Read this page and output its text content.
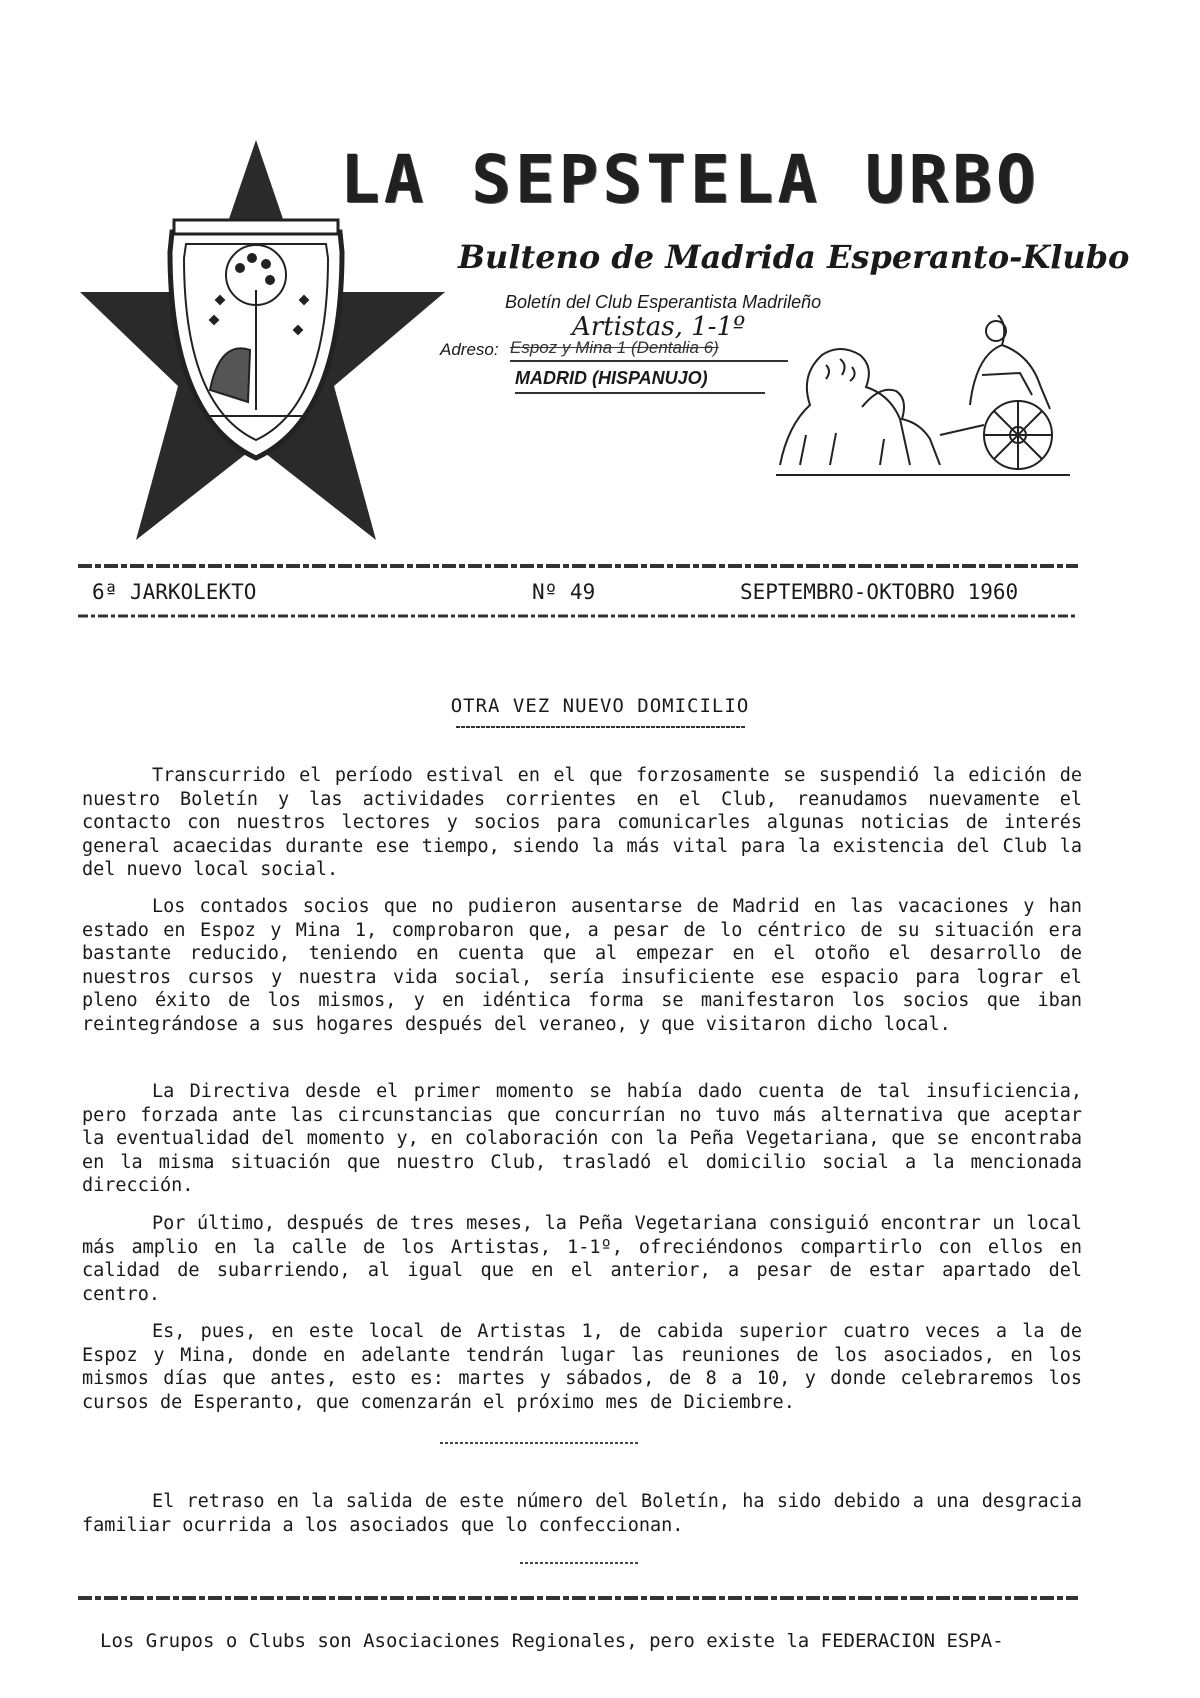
LA SEPSTELA URBO
Bulteno de Madrida Esperanto-Klubo
Boletín del Club Esperantista Madrileño
Artistas, 1-1º
Adreso: Espoz y Mina 1 (Dentalia 6)
MADRID (HISPANUJO)
6ª JARKOLEKTO	Nº 49	SEPTEMBRO-OKTOBRO 1960
OTRA VEZ NUEVO DOMICILIO

Transcurrido el período estival en el que forzosamente se suspendió la edición de nuestro Boletín y las actividades corrientes en el Club, reanudamos nuevamente el contacto con nuestros lectores y socios para comunicarles algunas noticias de interés general acaecidas durante ese tiempo, siendo la más vital para la existencia del Club la del nuevo local social.

Los contados socios que no pudieron ausentarse de Madrid en las vacaciones y han estado en Espoz y Mina 1, comprobaron que, a pesar de lo céntrico de su situación era bastante reducido, teniendo en cuenta que al empezar en el otoño el desarrollo de nuestros cursos y nuestra vida social, sería insuficiente ese espacio para lograr el pleno éxito de los mismos, y en idéntica forma se manifestaron los socios que iban reintegrándose a sus hogares después del veraneo, y que visitaron dicho local.

La Directiva desde el primer momento se había dado cuenta de tal insuficiencia, pero forzada ante las circunstancias que concurrían no tuvo más alternativa que aceptar la eventualidad del momento y, en colaboración con la Peña Vegetariana, que se encontraba en la misma situación que nuestro Club, trasladó el domicilio social a la mencionada dirección.

Por último, después de tres meses, la Peña Vegetariana consiguió encontrar un local más amplio en la calle de los Artistas, 1-1º, ofreciéndonos compartirlo con ellos en calidad de subarriendo, al igual que en el anterior, a pesar de estar apartado del centro.

Es, pues, en este local de Artistas 1, de cabida superior cuatro veces a la de Espoz y Mina, donde en adelante tendrán lugar las reuniones de los asociados, en los mismos días que antes, esto es: martes y sábados, de 8 a 10, y donde celebraremos los cursos de Esperanto, que comenzarán el próximo mes de Diciembre.

El retraso en la salida de este número del Boletín, ha sido debido a una desgracia familiar ocurrida a los asociados que lo confeccionan.

Los Grupos o Clubs son Asociaciones Regionales, pero existe la FEDERACION ESPA-
